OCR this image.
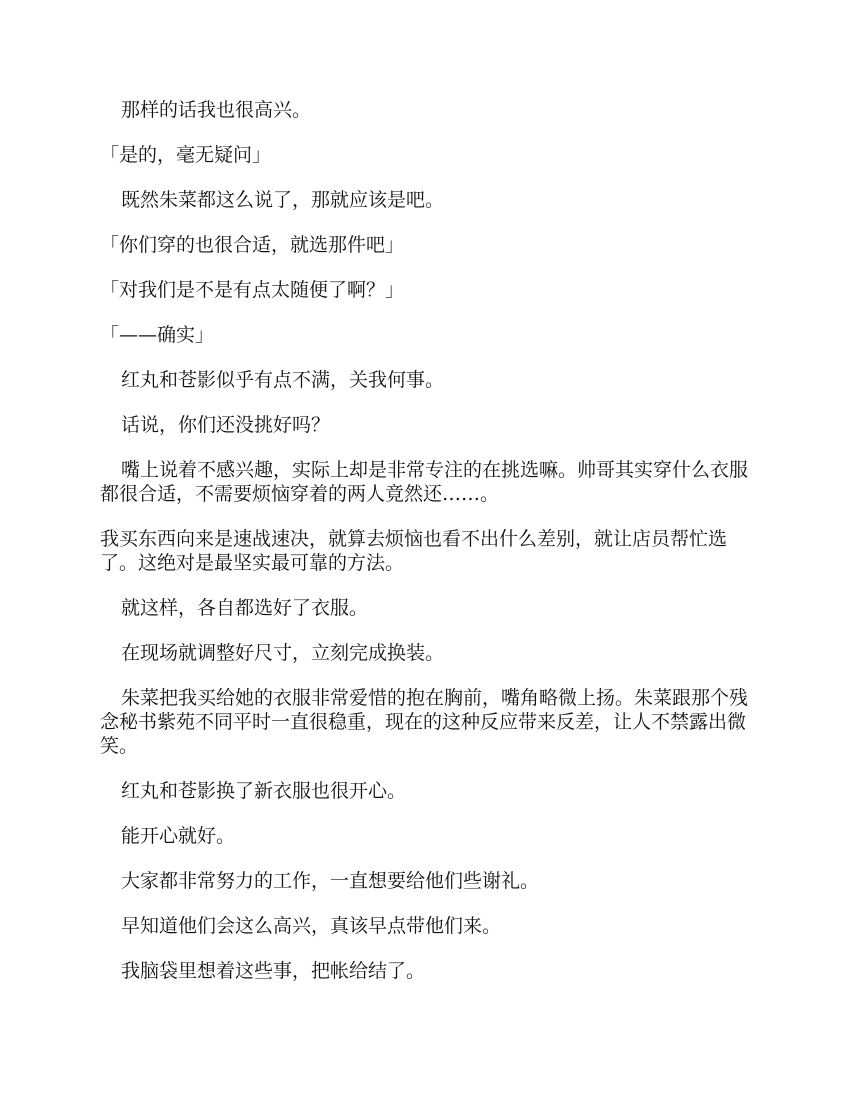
那样的话我也很高兴。

「是的，毫无疑问」

既然朱菜都这么说了，那就应该是吧。

「你们穿的也很合适，就选那件吧」

「对我们是不是有点太随便了啊？」

「——确实」

红丸和苍影似乎有点不满，关我何事。

话说，你们还没挑好吗？

嘴上说着不感兴趣，实际上却是非常专注的在挑选嘛。帅哥其实穿什么衣服都很合适，不需要烦恼穿着的两人竟然还……。

我买东西向来是速战速决，就算去烦恼也看不出什么差别，就让店员帮忙选了。这绝对是最坚实最可靠的方法。

就这样，各自都选好了衣服。

在现场就调整好尺寸，立刻完成换装。

朱菜把我买给她的衣服非常爱惜的抱在胸前，嘴角略微上扬。朱菜跟那个残念秘书紫苑不同平时一直很稳重，现在的这种反应带来反差，让人不禁露出微笑。

红丸和苍影换了新衣服也很开心。

能开心就好。

大家都非常努力的工作，一直想要给他们些谢礼。

早知道他们会这么高兴，真该早点带他们来。

我脑袋里想着这些事，把帐给结了。
